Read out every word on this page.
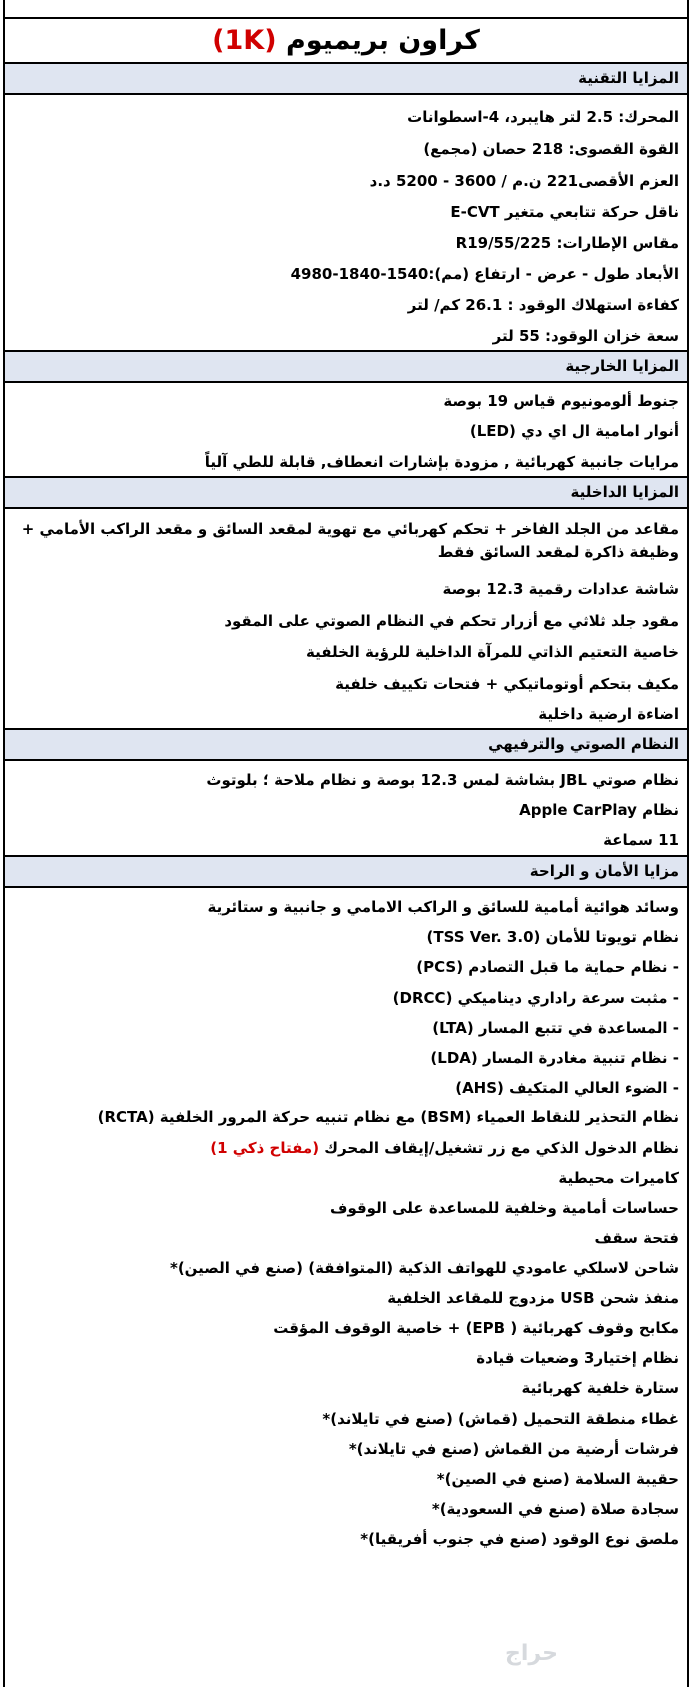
كراون بريميوم (1K)
المزايا التقنية
المحرك: 2.5 لتر هايبرد، 4-اسطوانات
القوة القصوى: 218 حصان (مجمع)
العزم الأقصى221 ن.م / 3600 - 5200 د.د
ناقل حركة تتابعي متغير E-CVT
مقاس الإطارات: R19/55/225
الأبعاد طول - عرض - ارتفاع (مم):1540-1840-4980
كفاءة استهلاك الوقود : 26.1 كم/ لتر
سعة خزان الوقود: 55 لتر
المزايا الخارجية
جنوط ألومونيوم قياس 19 بوصة
أنوار امامية ال اي دي (LED)
مرايات جانبية كهربائية , مزودة بإشارات انعطاف, قابلة للطي آلياً
المزايا الداخلية
مقاعد من الجلد الفاخر + تحكم كهربائي مع تهوية لمقعد السائق و مقعد الراكب الأمامي + وظيفة ذاكرة لمقعد السائق فقط
شاشة عدادات رقمية 12.3 بوصة
مقود جلد ثلاثي مع أزرار تحكم في النظام الصوتي على المقود
خاصية التعتيم الذاتي للمرآة الداخلية للرؤية الخلفية
مكيف بتحكم أوتوماتيكي + فتحات تكييف خلفية
اضاءة ارضية داخلية
النظام الصوتي والترفيهي
نظام صوتي JBL بشاشة لمس 12.3 بوصة و نظام ملاحة ؛ بلوتوث
نظام Apple CarPlay
11 سماعة
مزايا الأمان و الراحة
وسائد هوائية أمامية للسائق و الراكب الامامي و جانبية و ستائرية
نظام تويوتا للأمان (TSS Ver. 3.0)
- نظام حماية ما قبل التصادم (PCS)
- مثبت سرعة راداري ديناميكي (DRCC)
- المساعدة في تتبع المسار (LTA)
- نظام تنبية مغادرة المسار (LDA)
- الضوء العالي المتكيف (AHS)
نظام التحذير للنقاط العمياء (BSM) مع نظام تنبيه حركة المرور الخلفية (RCTA)
نظام الدخول الذكي مع زر تشغيل/إيقاف المحرك (مفتاح ذكي 1)
كاميرات محيطية
حساسات أمامية وخلفية للمساعدة على الوقوف
فتحة سقف
شاحن لاسلكي عامودي للهواتف الذكية (المتوافقة) (صنع في الصين)*
منفذ شحن USB مزدوج للمقاعد الخلفية
مكابح وقوف كهربائية ( EPB) + خاصية الوقوف المؤقت
نظام إختيار3 وضعيات قيادة
ستارة خلفية كهربائية
غطاء منطقة التحميل (قماش) (صنع في تايلاند)*
فرشات أرضية من القماش (صنع في تايلاند)*
حقيبة السلامة (صنع في الصين)*
سجادة صلاة (صنع في السعودية)*
ملصق نوع الوقود (صنع في جنوب أفريقيا)*
حراج
